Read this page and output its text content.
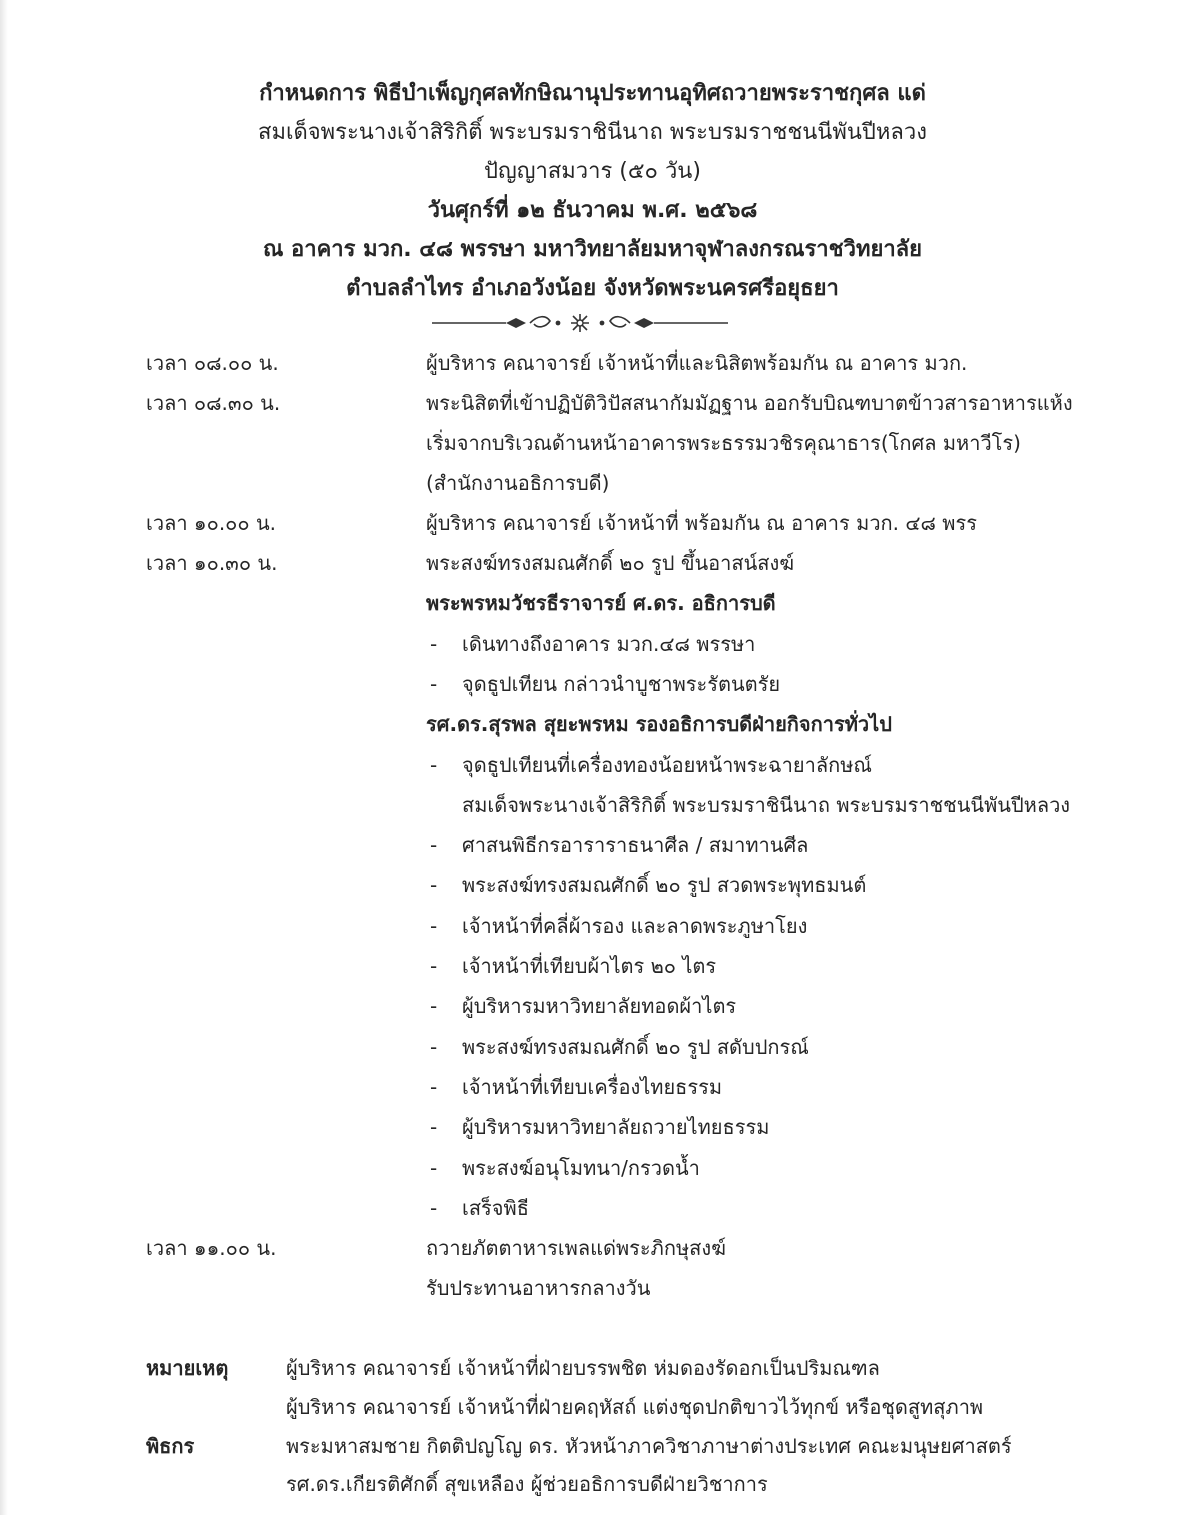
กำหนดการ พิธีบำเพ็ญกุศลทักษิณานุประทานอุทิศถวายพระราชกุศล แด่
สมเด็จพระนางเจ้าสิริกิติ์ พระบรมราชินีนาถ พระบรมราชชนนีพันปีหลวง
ปัญญาสมวาร (๕๐ วัน)
วันศุกร์ที่ ๑๒ ธันวาคม พ.ศ. ๒๕๖๘
ณ อาคาร มวก. ๔๘ พรรษา มหาวิทยาลัยมหาจุฬาลงกรณราชวิทยาลัย
ตำบลลำไทร อำเภอวังน้อย จังหวัดพระนครศรีอยุธยา
เวลา ๐๘.๐๐ น.	ผู้บริหาร คณาจารย์ เจ้าหน้าที่และนิสิตพร้อมกัน ณ อาคาร มวก.
เวลา ๐๘.๓๐ น.	พระนิสิตที่เข้าปฏิบัติวิปัสสนากัมมัฏฐาน ออกรับบิณฑบาตข้าวสารอาหารแห้ง
เริ่มจากบริเวณด้านหน้าอาคารพระธรรมวชิรคุณาธาร(โกศล มหาวีโร)
(สำนักงานอธิการบดี)
เวลา ๑๐.๐๐ น.	ผู้บริหาร คณาจารย์ เจ้าหน้าที่ พร้อมกัน ณ อาคาร มวก. ๔๘ พรร
เวลา ๑๐.๓๐ น.	พระสงฆ์ทรงสมณศักดิ์ ๒๐ รูป ขึ้นอาสน์สงฆ์
พระพรหมวัชรธีราจารย์ ศ.ดร. อธิการบดี
- เดินทางถึงอาคาร มวก.๔๘ พรรษา
- จุดธูปเทียน กล่าวนำบูชาพระรัตนตรัย
รศ.ดร.สุรพล สุยะพรหม รองอธิการบดีฝ่ายกิจการทั่วไป
- จุดธูปเทียนที่เครื่องทองน้อยหน้าพระฉายาลักษณ์
สมเด็จพระนางเจ้าสิริกิติ์ พระบรมราชินีนาถ พระบรมราชชนนีพันปีหลวง
- ศาสนพิธีกรอาราราธนาศีล / สมาทานศีล
- พระสงฆ์ทรงสมณศักดิ์ ๒๐ รูป สวดพระพุทธมนต์
- เจ้าหน้าที่คลี่ผ้ารอง และลาดพระภูษาโยง
- เจ้าหน้าที่เทียบผ้าไตร ๒๐ ไตร
- ผู้บริหารมหาวิทยาลัยทอดผ้าไตร
- พระสงฆ์ทรงสมณศักดิ์ ๒๐ รูป สดับปกรณ์
- เจ้าหน้าที่เทียบเครื่องไทยธรรม
- ผู้บริหารมหาวิทยาลัยถวายไทยธรรม
- พระสงฆ์อนุโมทนา/กรวดน้ำ
- เสร็จพิธี
เวลา ๑๑.๐๐ น.	ถวายภัตตาหารเพลแด่พระภิกษุสงฆ์
รับประทานอาหารกลางวัน
หมายเหตุ	ผู้บริหาร คณาจารย์ เจ้าหน้าที่ฝ่ายบรรพชิต ห่มดองรัดอกเป็นปริมณฑล
ผู้บริหาร คณาจารย์ เจ้าหน้าที่ฝ่ายคฤหัสถ์ แต่งชุดปกติขาวไว้ทุกข์ หรือชุดสูทสุภาพ
พิธกร	พระมหาสมชาย กิตติปญโญ ดร. หัวหน้าภาควิชาภาษาต่างประเทศ คณะมนุษยศาสตร์
รศ.ดร.เกียรติศักดิ์ สุขเหลือง ผู้ช่วยอธิการบดีฝ่ายวิชาการ
